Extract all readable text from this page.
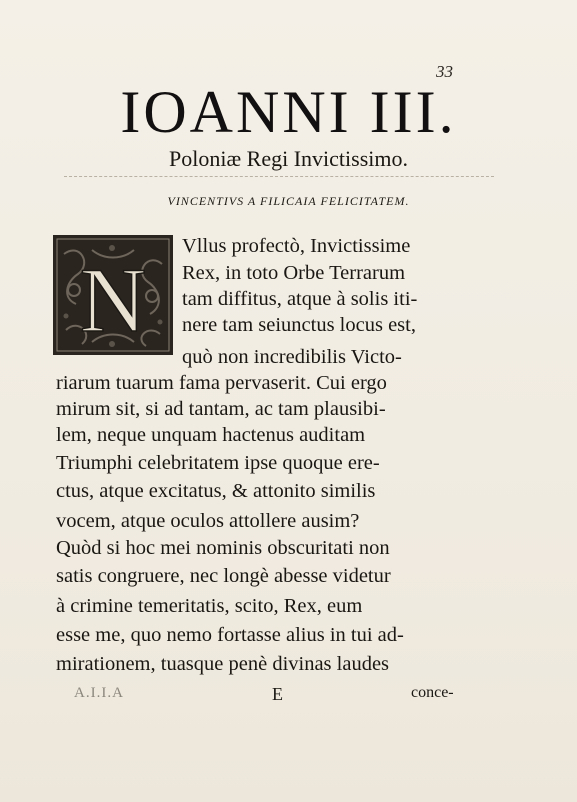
33
IOANNI III.
Poloniæ Regi Invictissimo.
VINCENTIVS A FILICAIA FELICITATEM.
N
Vllus profectò, Invictissime
Rex, in toto Orbe Terrarum
tam diffitus, atque à solis iti-
nere tam seiunctus locus est,
quò non incredibilis Victo-
riarum tuarum fama pervaserit. Cui ergo
mirum sit, si ad tantam, ac tam plausibi-
lem, neque unquam hactenus auditam
Triumphi celebritatem ipse quoque ere-
ctus, atque excitatus, & attonito similis
vocem, atque oculos attollere ausim?
Quòd si hoc mei nominis obscuritati non
satis congruere, nec longè abesse videtur
à crimine temeritatis, scito, Rex, eum
esse me, quo nemo fortasse alius in tui ad-
mirationem, tuasque penè divinas laudes
A.I.I.A	E	conce-
